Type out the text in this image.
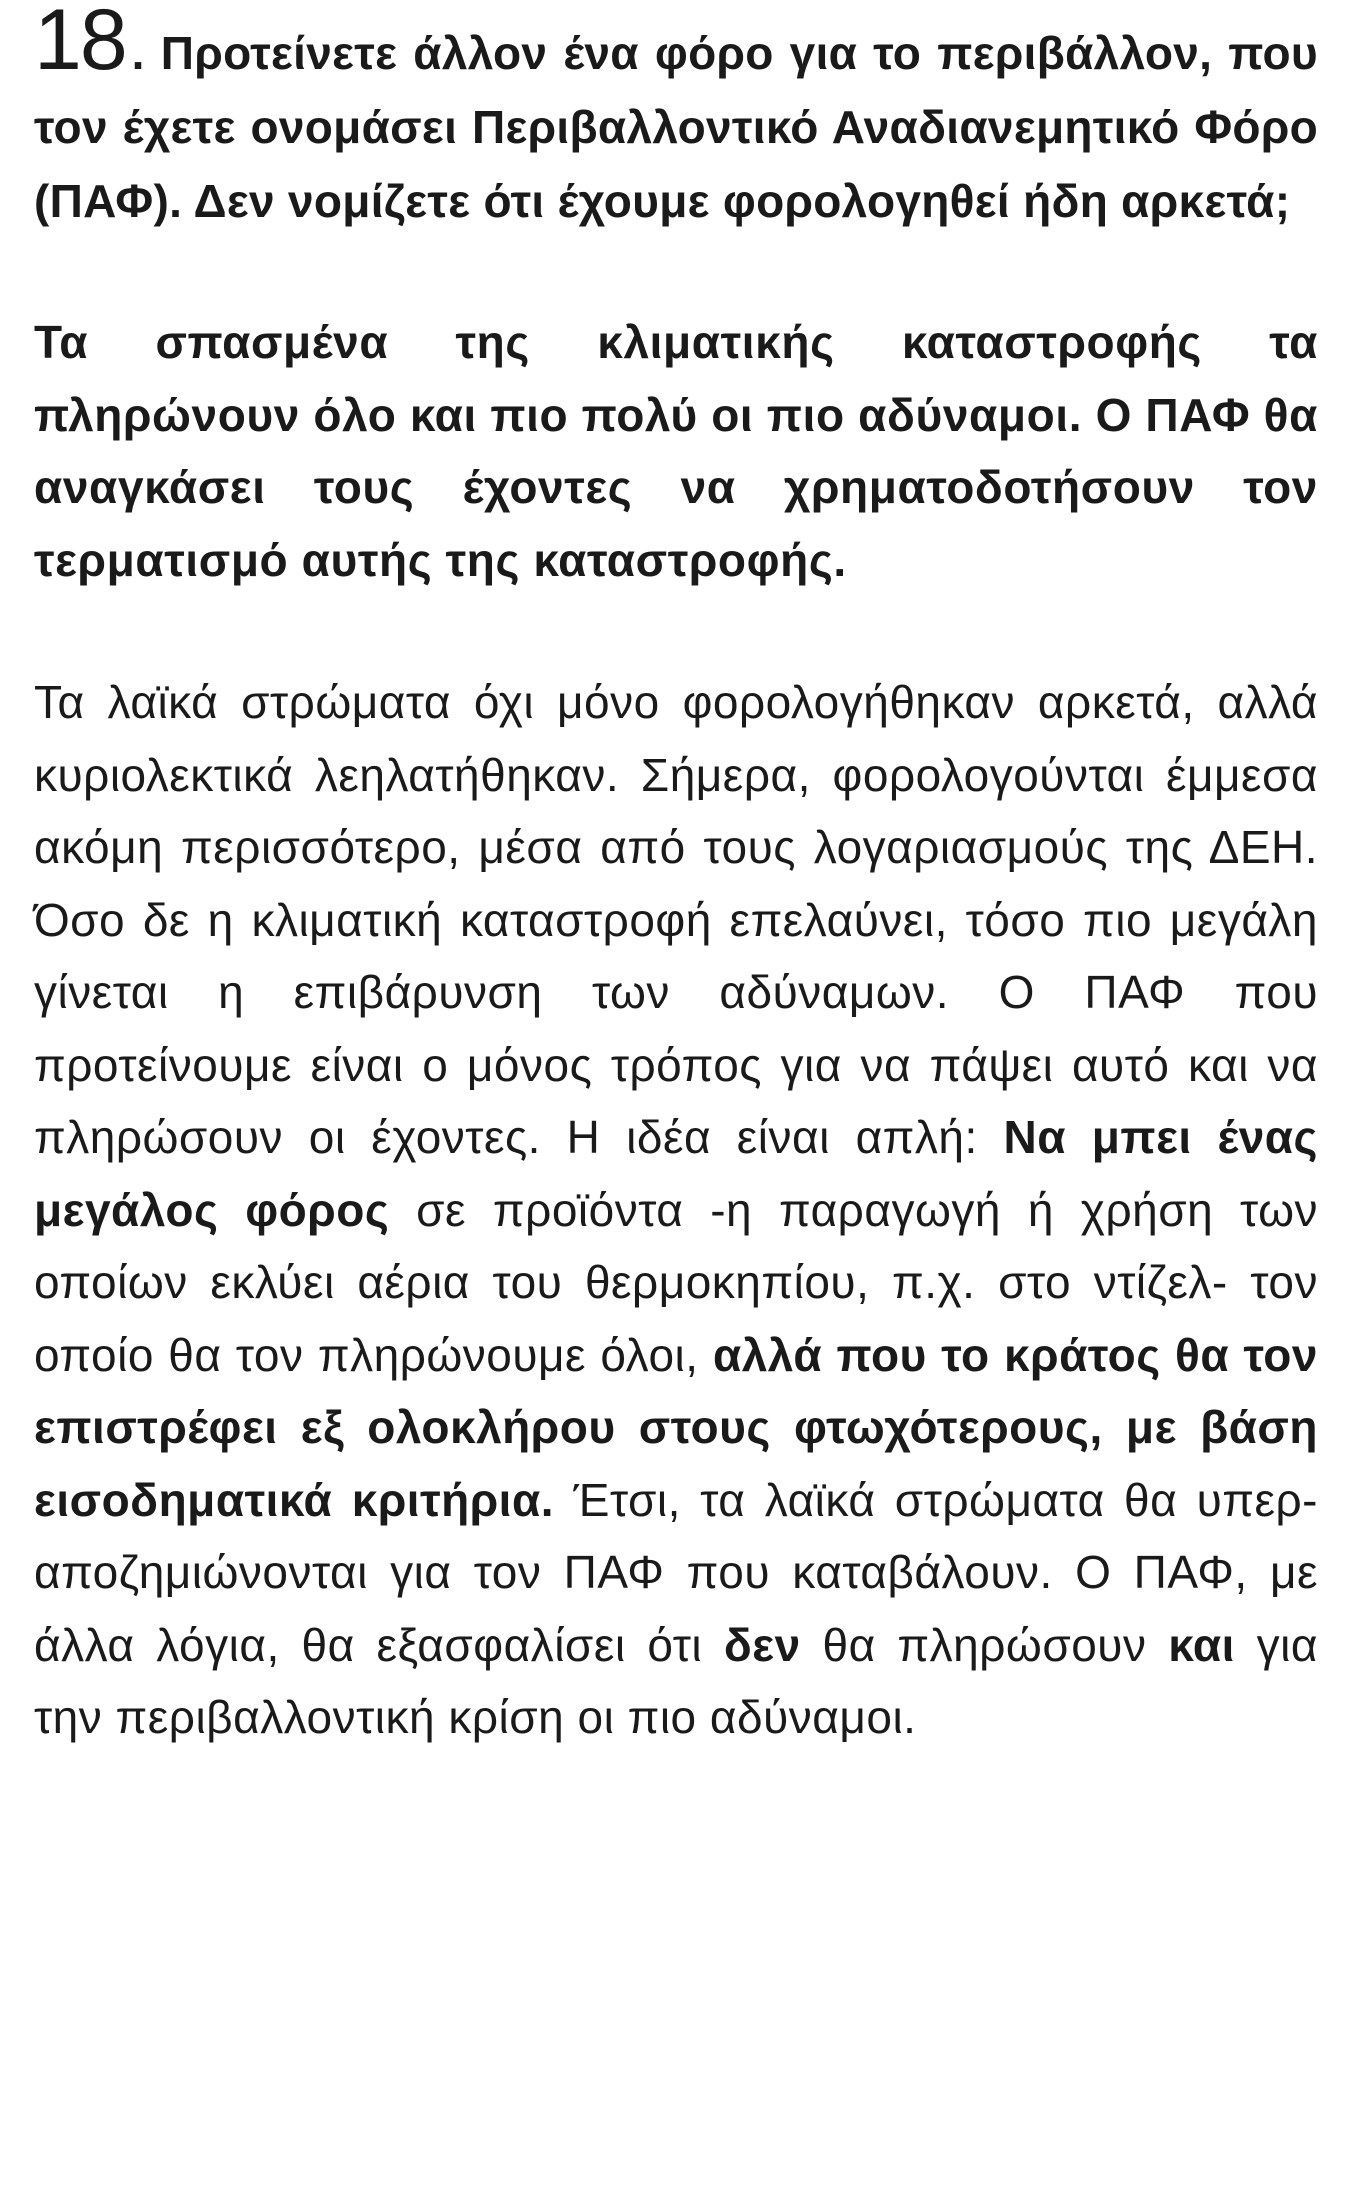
18 . Προτείνετε άλλον ένα φόρο για το περιβάλλον, που τον έχετε ονομάσει Περιβαλλοντικό Αναδιανεμητικό Φόρο (ΠΑΦ). Δεν νομίζετε ότι έχουμε φορολογηθεί ήδη αρκετά;

Τα σπασμένα της κλιματικής καταστροφής τα πληρώνουν όλο και πιο πολύ οι πιο αδύναμοι. Ο ΠΑΦ θα αναγκάσει τους έχοντες να χρηματοδοτήσουν τον τερματισμό αυτής της καταστροφής.

Τα λαϊκά στρώματα όχι μόνο φορολογήθηκαν αρκετά, αλλά κυριολεκτικά λεηλατήθηκαν. Σήμερα, φορολογούνται έμμεσα ακόμη περισσότερο, μέσα από τους λογαριασμούς της ΔΕΗ. Όσο δε η κλιματική καταστροφή επελαύνει, τόσο πιο μεγάλη γίνεται η επιβάρυνση των αδύναμων. Ο ΠΑΦ που προτείνουμε είναι ο μόνος τρόπος για να πάψει αυτό και να πληρώσουν οι έχοντες. Η ιδέα είναι απλή: Να μπει ένας μεγάλος φόρος σε προϊόντα -η παραγωγή ή χρήση των οποίων εκλύει αέρια του θερμοκηπίου, π.χ. στο ντίζελ- τον οποίο θα τον πληρώνουμε όλοι, αλλά που το κράτος θα τον επιστρέφει εξ ολοκλήρου στους φτωχότερους, με βάση εισοδηματικά κριτήρια. Έτσι, τα λαϊκά στρώματα θα υπερ-αποζημιώνονται για τον ΠΑΦ που καταβάλουν. Ο ΠΑΦ, με άλλα λόγια, θα εξασφαλίσει ότι δεν θα πληρώσουν και για την περιβαλλοντική κρίση οι πιο αδύναμοι.
